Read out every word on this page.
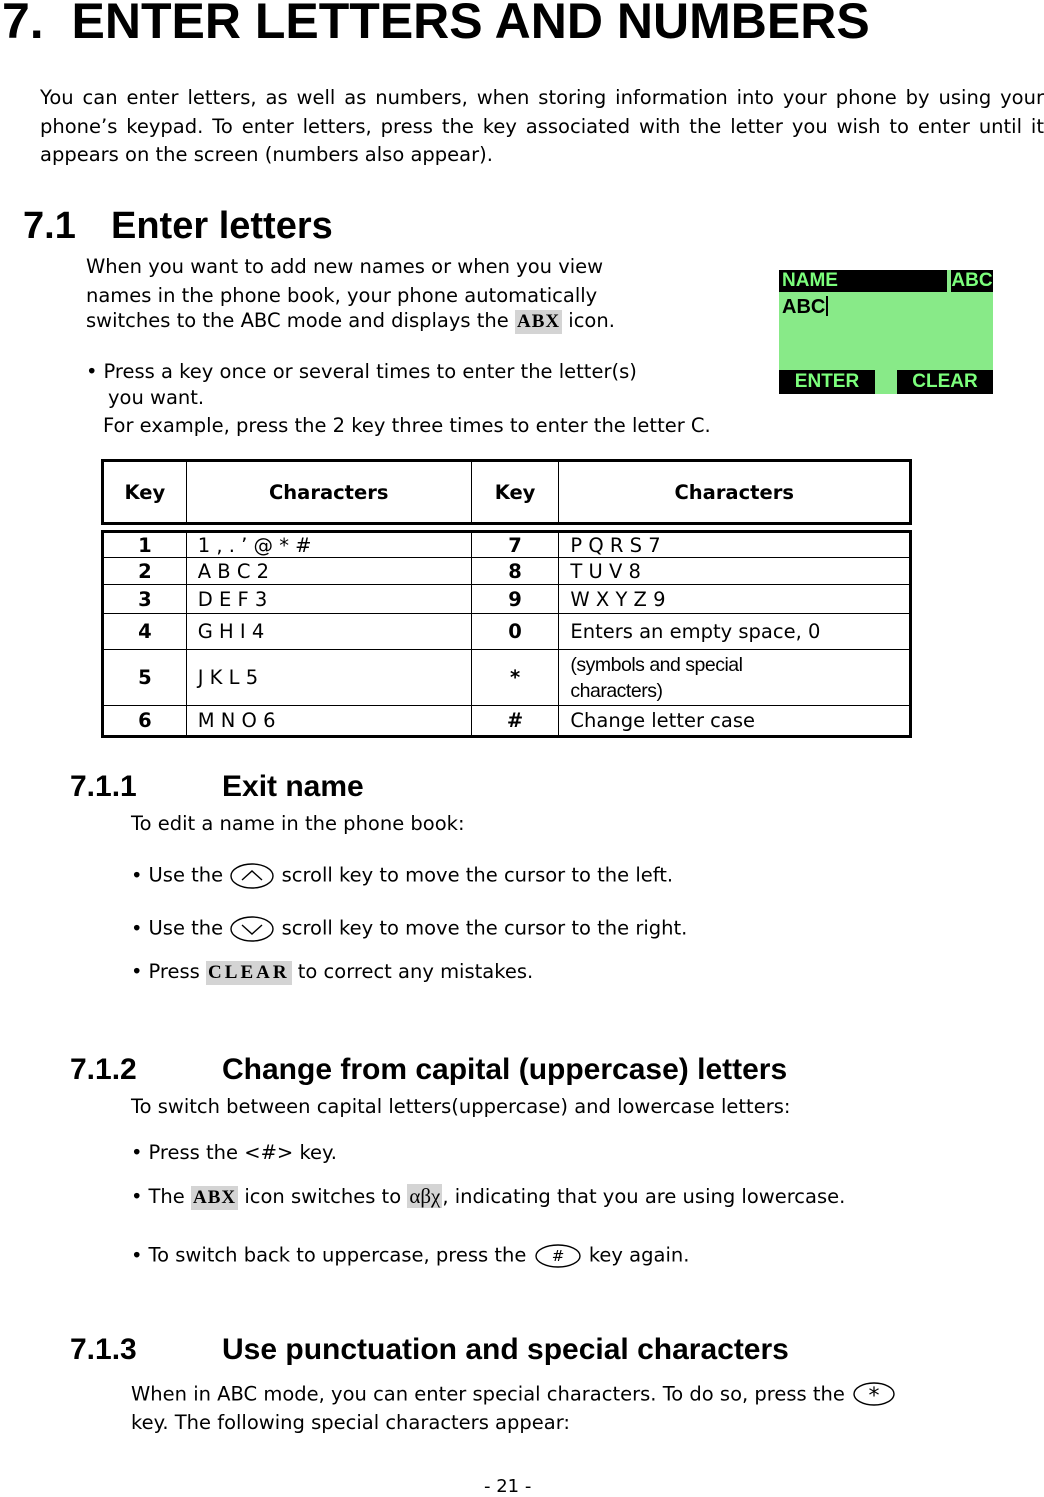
7. ENTER LETTERS AND NUMBERS

You can enter letters, as well as numbers, when storing information into your phone by using your phone’s keypad. To enter letters, press the key associated with the letter you wish to enter until it appears on the screen (numbers also appear).

7.1 Enter letters
When you want to add new names or when you view
names in the phone book, your phone automatically
switches to the ABC mode and displays the ABX icon.
• Press a key once or several times to enter the letter(s)
you want.
For example, press the 2 key three times to enter the letter C.
NAME	ABC
ABC
ENTER	CLEAR
Key	Characters	Key	Characters

1	1 , . ’ @ * #	7	P Q R S 7
2	A B C 2	8	T U V 8
3	D E F 3	9	W X Y Z 9
4	G H I 4	0	Enters an empty space, 0
5	J K L 5	*	(symbols and special
characters)
6	M N O 6	#	Change letter case
7.1.1	Exit name
To edit a name in the phone book:
• Use the	scroll key to move the cursor to the left.
• Use the	scroll key to move the cursor to the right.
• Press CLEAR to correct any mistakes.
7.1.2	Change from capital (uppercase) letters
To switch between capital letters(uppercase) and lowercase letters:
• Press the <#> key.
• The ABX icon switches to αβχ , indicating that you are using lowercase.
• To switch back to uppercase, press the # key again.
7.1.3	Use punctuation and special characters
When in ABC mode, you can enter special characters. To do so, press the *
key. The following special characters appear:
- 21 -
